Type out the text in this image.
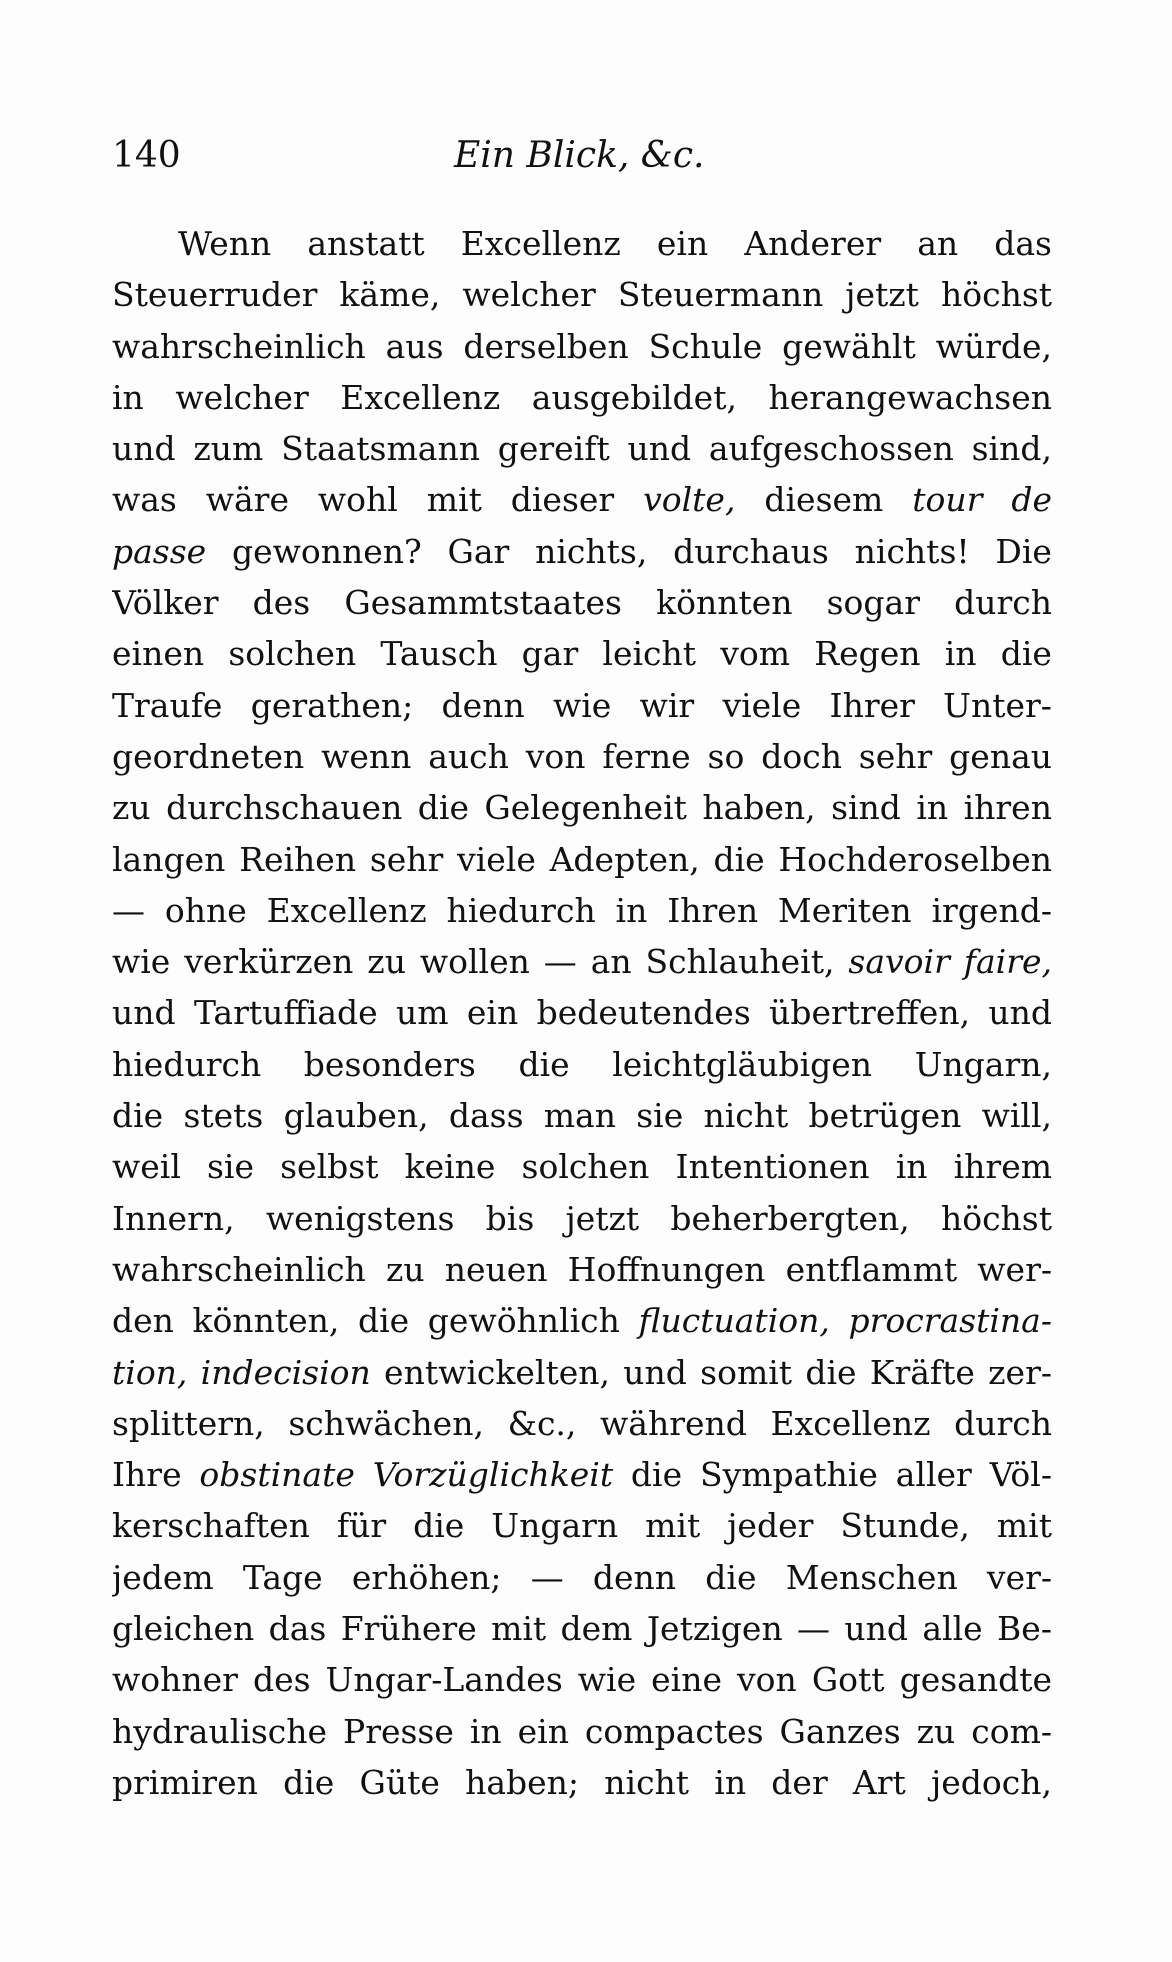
140	Ein Blick, &c.
Wenn anstatt Excellenz ein Anderer an das
Steuerruder käme, welcher Steuermann jetzt höchst
wahrscheinlich aus derselben Schule gewählt würde,
in welcher Excellenz ausgebildet, herangewachsen
und zum Staatsmann gereift und aufgeschossen sind,
was wäre wohl mit dieser volte, diesem tour de
passe gewonnen? Gar nichts, durchaus nichts! Die
Völker des Gesammtstaates könnten sogar durch
einen solchen Tausch gar leicht vom Regen in die
Traufe gerathen; denn wie wir viele Ihrer Unter-
geordneten wenn auch von ferne so doch sehr genau
zu durchschauen die Gelegenheit haben, sind in ihren
langen Reihen sehr viele Adepten, die Hochderoselben
— ohne Excellenz hiedurch in Ihren Meriten irgend-
wie verkürzen zu wollen — an Schlauheit, savoir faire,
und Tartuffiade um ein bedeutendes übertreffen, und
hiedurch besonders die leichtgläubigen Ungarn,
die stets glauben, dass man sie nicht betrügen will,
weil sie selbst keine solchen Intentionen in ihrem
Innern, wenigstens bis jetzt beherbergten, höchst
wahrscheinlich zu neuen Hoffnungen entflammt wer-
den könnten, die gewöhnlich fluctuation, procrastina-
tion, indecision entwickelten, und somit die Kräfte zer-
splittern, schwächen, &c., während Excellenz durch
Ihre obstinate Vorzüglichkeit die Sympathie aller Völ-
kerschaften für die Ungarn mit jeder Stunde, mit
jedem Tage erhöhen; — denn die Menschen ver-
gleichen das Frühere mit dem Jetzigen — und alle Be-
wohner des Ungar-Landes wie eine von Gott gesandte
hydraulische Presse in ein compactes Ganzes zu com-
primiren die Güte haben; nicht in der Art jedoch,
